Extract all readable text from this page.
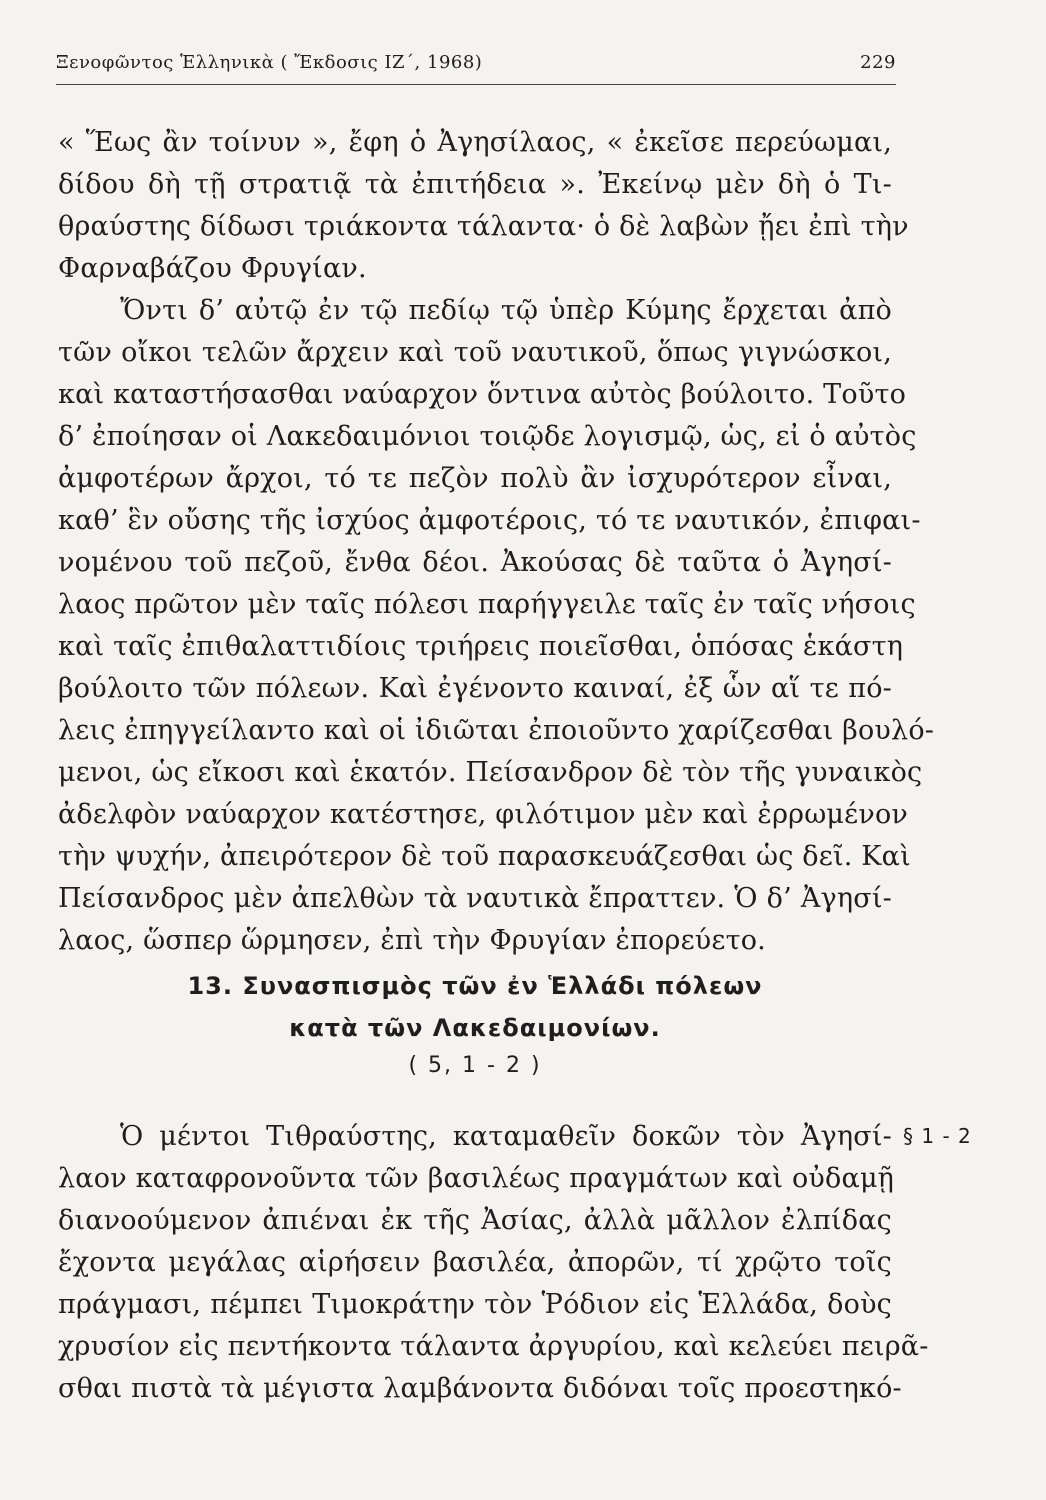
Ξενοφῶντος Ἑλληνικὰ ( Ἔκδοσις ΙΖ΄, 1968)	229
« Ἕως ἂν τοίνυν », ἔφη ὁ Ἀγησίλαος, « ἐκεῖσε περεύωμαι,
δίδου δὴ τῇ στρατιᾷ τὰ ἐπιτήδεια ». Ἐκείνῳ μὲν δὴ ὁ Τι-
θραύστης δίδωσι τριάκοντα τάλαντα· ὁ δὲ λαβὼν ᾔει ἐπὶ τὴν
Φαρναβάζου Φρυγίαν.
Ὄντι δ’ αὐτῷ ἐν τῷ πεδίῳ τῷ ὑπὲρ Κύμης ἔρχεται ἀπὸ
τῶν οἴκοι τελῶν ἄρχειν καὶ τοῦ ναυτικοῦ, ὅπως γιγνώσκοι,
καὶ καταστήσασθαι ναύαρχον ὅντινα αὐτὸς βούλοιτο. Τοῦτο
δ’ ἐποίησαν οἱ Λακεδαιμόνιοι τοιῷδε λογισμῷ, ὡς, εἰ ὁ αὐτὸς
ἀμφοτέρων ἄρχοι, τό τε πεζὸν πολὺ ἂν ἰσχυρότερον εἶναι,
καθ’ ἓν οὔσης τῆς ἰσχύος ἀμφοτέροις, τό τε ναυτικόν, ἐπιφαι-
νομένου τοῦ πεζοῦ, ἔνθα δέοι. Ἀκούσας δὲ ταῦτα ὁ Ἀγησί-
λαος πρῶτον μὲν ταῖς πόλεσι παρήγγειλε ταῖς ἐν ταῖς νήσοις
καὶ ταῖς ἐπιθαλαττιδίοις τριήρεις ποιεῖσθαι, ὁπόσας ἑκάστη
βούλοιτο τῶν πόλεων. Καὶ ἐγένοντο καιναί, ἐξ ὧν αἵ τε πό-
λεις ἐπηγγείλαντο καὶ οἱ ἰδιῶται ἐποιοῦντο χαρίζεσθαι βουλό-
μενοι, ὡς εἴκοσι καὶ ἑκατόν. Πείσανδρον δὲ τὸν τῆς γυναικὸς
ἀδελφὸν ναύαρχον κατέστησε, φιλότιμον μὲν καὶ ἐρρωμένον
τὴν ψυχήν, ἀπειρότερον δὲ τοῦ παρασκευάζεσθαι ὡς δεῖ. Καὶ
Πείσανδρος μὲν ἀπελθὼν τὰ ναυτικὰ ἔπραττεν. Ὁ δ’ Ἀγησί-
λαος, ὥσπερ ὥρμησεν, ἐπὶ τὴν Φρυγίαν ἐπορεύετο.
13. Συνασπισμὸς τῶν ἐν Ἑλλάδι πόλεων
κατὰ τῶν Λακεδαιμονίων.
( 5, 1 - 2 )
§ 1 - 2
Ὁ μέντοι Τιθραύστης, καταμαθεῖν δοκῶν τὸν Ἀγησί-
λαον καταφρονοῦντα τῶν βασιλέως πραγμάτων καὶ οὐδαμῇ
διανοούμενον ἀπιέναι ἐκ τῆς Ἀσίας, ἀλλὰ μᾶλλον ἐλπίδας
ἔχοντα μεγάλας αἱρήσειν βασιλέα, ἀπορῶν, τί χρῷτο τοῖς
πράγμασι, πέμπει Τιμοκράτην τὸν Ῥόδιον εἰς Ἑλλάδα, δοὺς
χρυσίον εἰς πεντήκοντα τάλαντα ἀργυρίου, καὶ κελεύει πειρᾶ-
σθαι πιστὰ τὰ μέγιστα λαμβάνοντα διδόναι τοῖς προεστηκό-
